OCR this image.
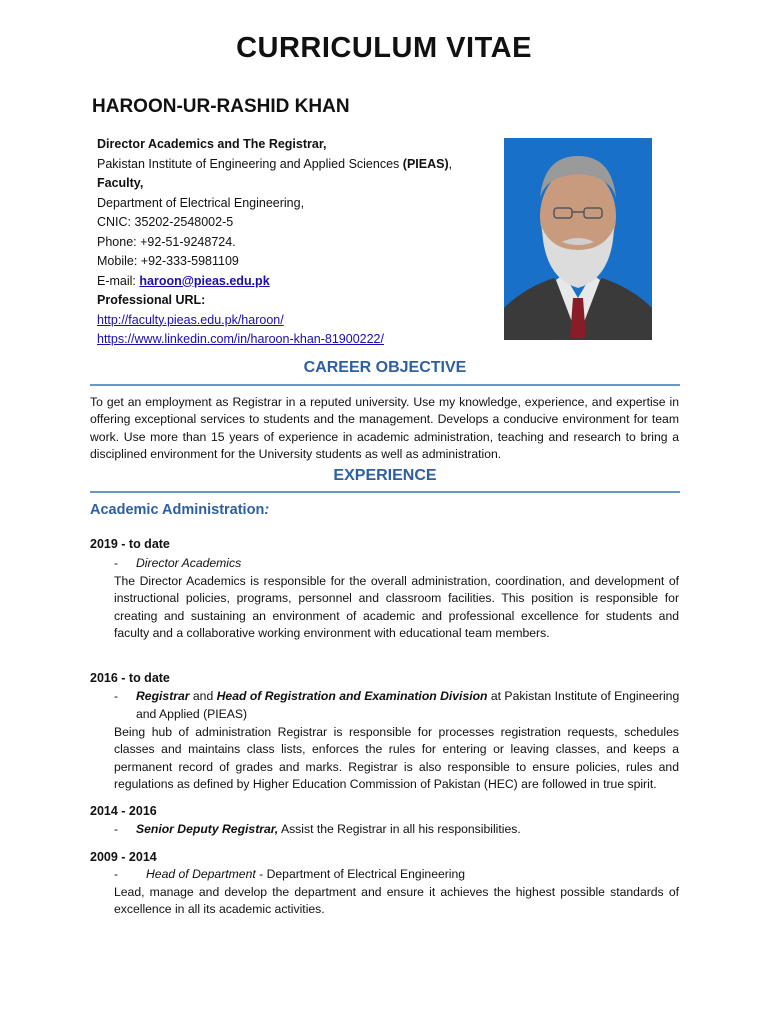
CURRICULUM VITAE
HAROON-UR-RASHID KHAN
Director Academics and The Registrar,
Pakistan Institute of Engineering and Applied Sciences (PIEAS),
Faculty,
Department of Electrical Engineering,
CNIC: 35202-2548002-5
Phone: +92-51-9248724.
Mobile: +92-333-5981109
E-mail: haroon@pieas.edu.pk
Professional URL:
http://faculty.pieas.edu.pk/haroon/
https://www.linkedin.com/in/haroon-khan-81900222/
CAREER OBJECTIVE
To get an employment as Registrar in a reputed university. Use my knowledge, experience, and expertise in offering exceptional services to students and the management. Develops a conducive environment for team work. Use more than 15 years of experience in academic administration, teaching and research to bring a disciplined environment for the University students as well as administration.
EXPERIENCE
Academic Administration:
2019 - to date
- Director Academics
The Director Academics is responsible for the overall administration, coordination, and development of instructional policies, programs, personnel and classroom facilities. This position is responsible for creating and sustaining an environment of academic and professional excellence for students and faculty and a collaborative working environment with educational team members.
2016 - to date
- Registrar and Head of Registration and Examination Division at Pakistan Institute of Engineering
and Applied (PIEAS)
Being hub of administration Registrar is responsible for processes registration requests, schedules classes and maintains class lists, enforces the rules for entering or leaving classes, and keeps a permanent record of grades and marks. Registrar is also responsible to ensure policies, rules and regulations as defined by Higher Education Commission of Pakistan (HEC) are followed in true spirit.
2014 - 2016
- Senior Deputy Registrar, Assist the Registrar in all his responsibilities.
2009 - 2014
- Head of Department - Department of Electrical Engineering
Lead, manage and develop the department and ensure it achieves the highest possible standards of excellence in all its academic activities.
